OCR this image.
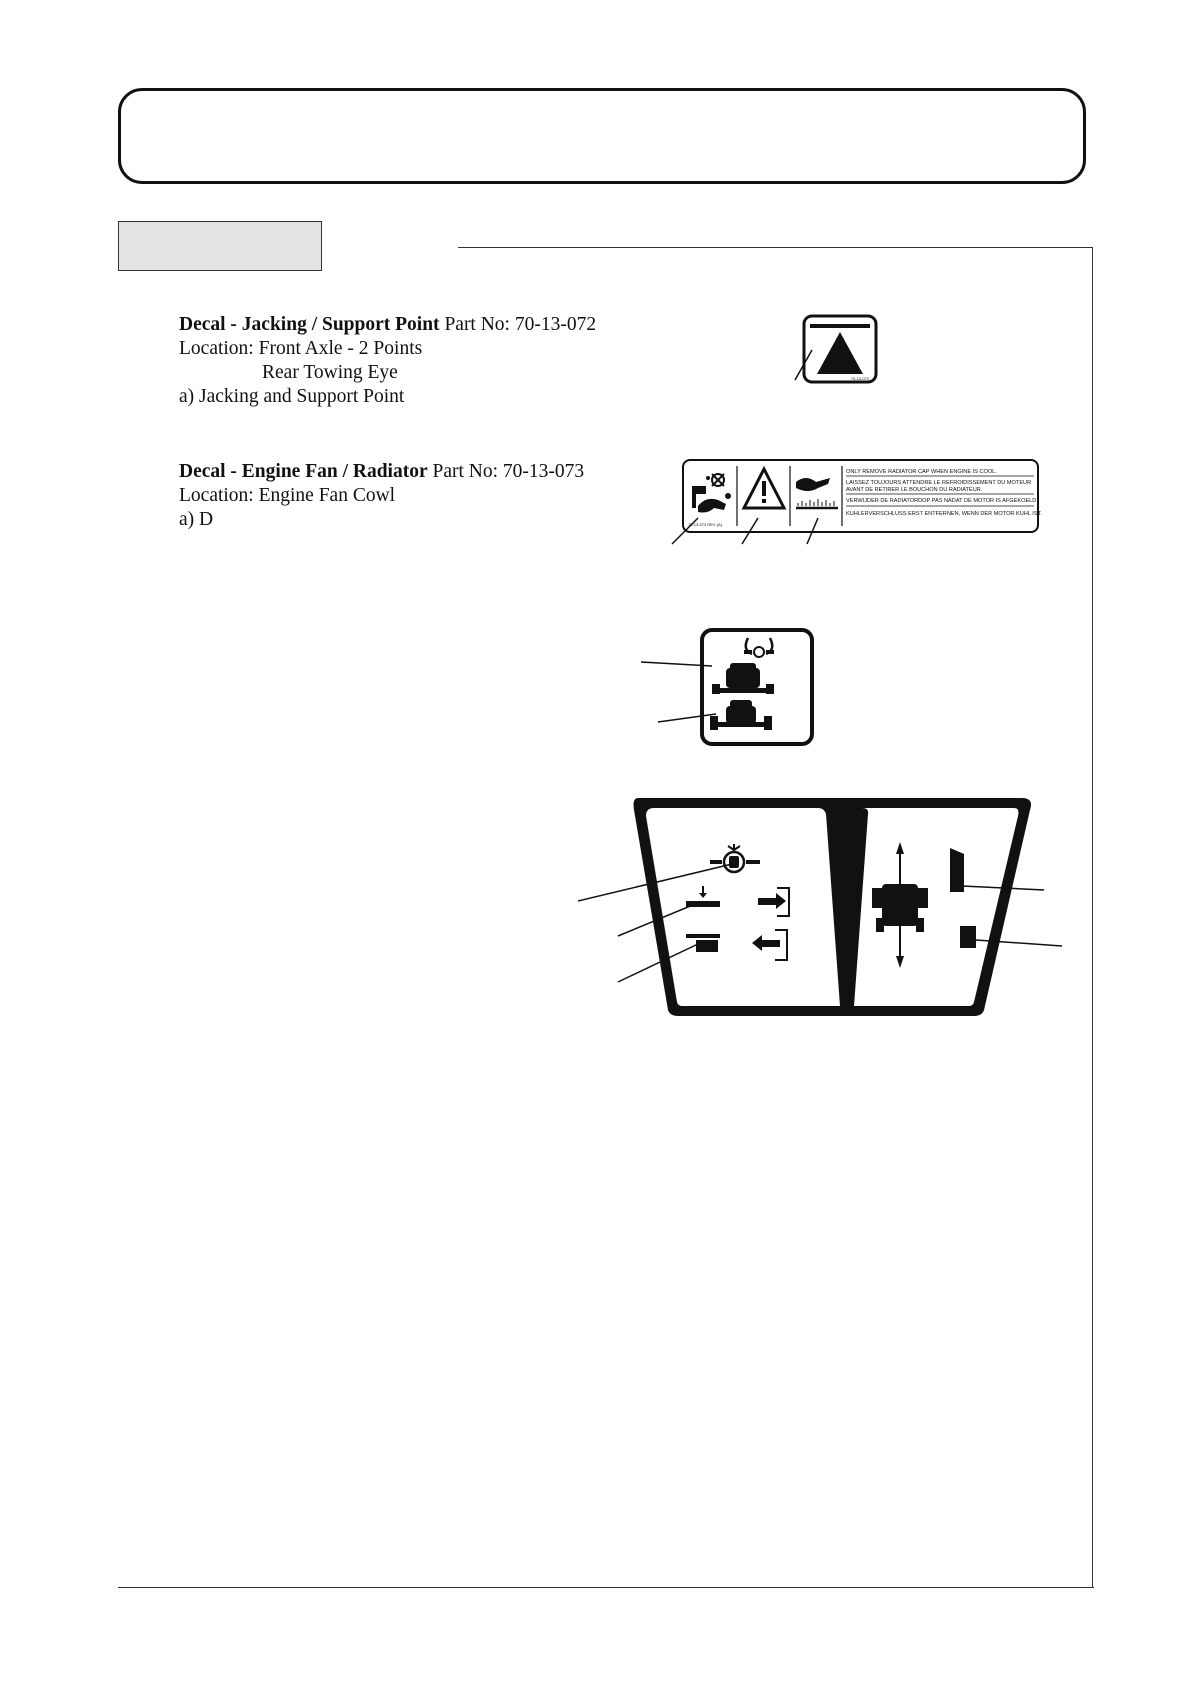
Decal - Jacking / Support Point Part No: 70-13-072
Location: Front Axle - 2 Points
Rear Towing Eye
a) Jacking and Support Point
Decal - Engine Fan / Radiator Part No: 70-13-073
Location: Engine Fan Cowl
a) D
70-13-072
70-13-073 REV (A)
ONLY REMOVE RADIATOR CAP WHEN ENGINE IS COOL.
LAISSEZ TOUJOURS ATTENDRE LE REFROIDISSEMENT DU MOTEUR
AVANT DE RETIRER LE BOUCHON DU RADIATEUR.
VERWIJDER DE RADIATORDOP PAS NADAT DE MOTOR IS AFGEKOELD.
KUHLERVERSCHLUSS ERST ENTFERNEN, WENN DER MOTOR KUHL IST.
